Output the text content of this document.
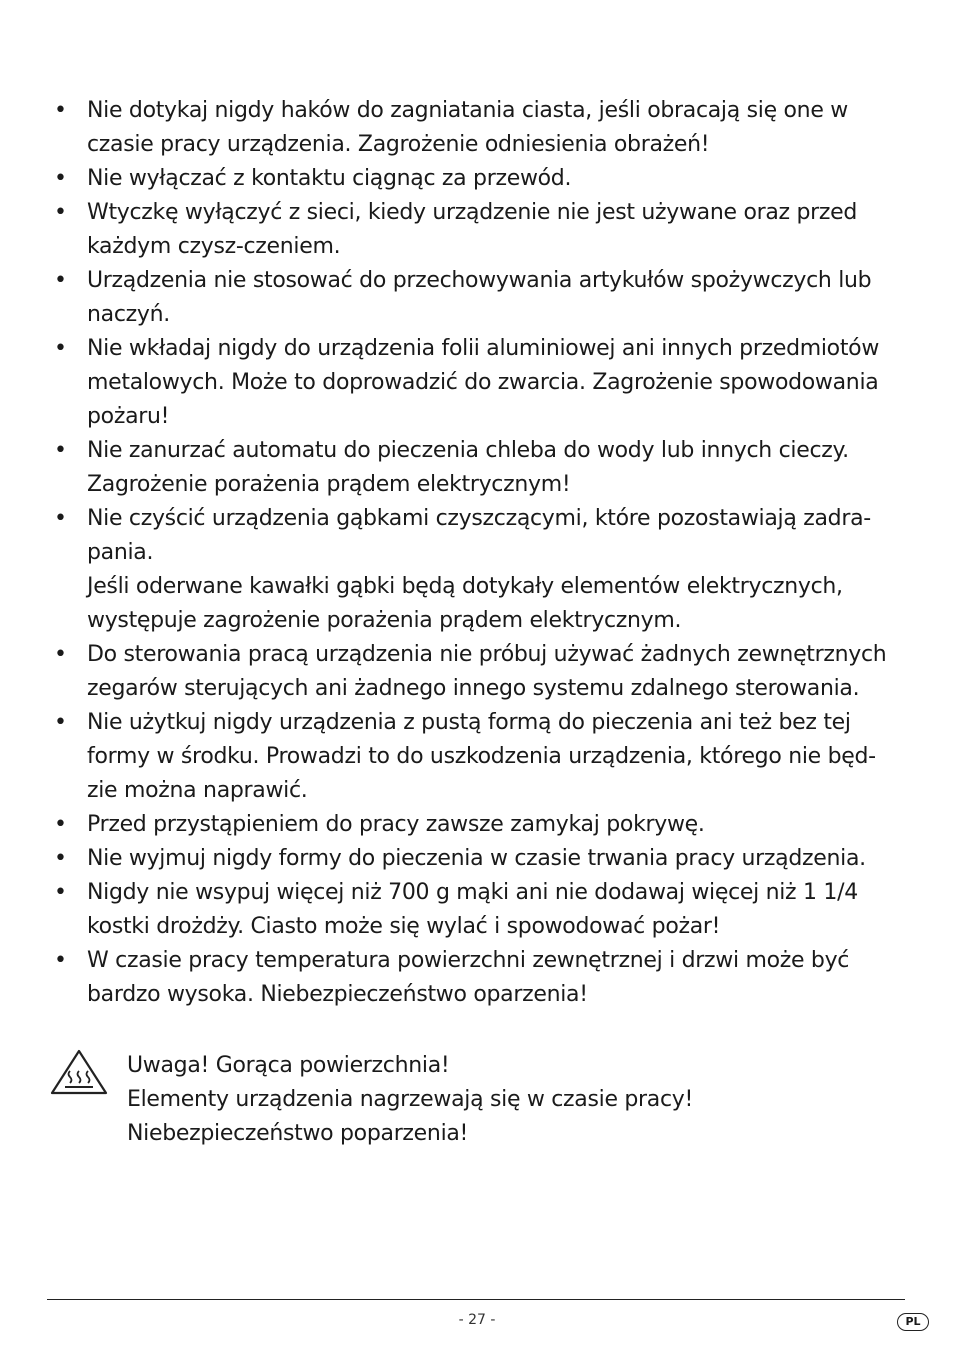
• Nie dotykaj nigdy haków do zagniatania ciasta, jeśli obracają się one w
czasie pracy urządzenia. Zagrożenie odniesienia obrażeń!
• Nie wyłączać z kontaktu ciągnąc za przewód.
• Wtyczkę wyłączyć z sieci, kiedy urządzenie nie jest używane oraz przed
każdym czysz-czeniem.
• Urządzenia nie stosować do przechowywania artykułów spożywczych lub
naczyń.
• Nie wkładaj nigdy do urządzenia folii aluminiowej ani innych przedmiotów
metalowych. Może to doprowadzić do zwarcia. Zagrożenie spowodowania
pożaru!
• Nie zanurzać automatu do pieczenia chleba do wody lub innych cieczy.
Zagrożenie porażenia prądem elektrycznym!
• Nie czyścić urządzenia gąbkami czyszczącymi, które pozostawiają zadra-
pania.
Jeśli oderwane kawałki gąbki będą dotykały elementów elektrycznych,
występuje zagrożenie porażenia prądem elektrycznym.
• Do sterowania pracą urządzenia nie próbuj używać żadnych zewnętrznych
zegarów sterujących ani żadnego innego systemu zdalnego sterowania.
• Nie użytkuj nigdy urządzenia z pustą formą do pieczenia ani też bez tej
formy w środku. Prowadzi to do uszkodzenia urządzenia, którego nie będ-
zie można naprawić.
• Przed przystąpieniem do pracy zawsze zamykaj pokrywę.
• Nie wyjmuj nigdy formy do pieczenia w czasie trwania pracy urządzenia.
• Nigdy nie wsypuj więcej niż 700 g mąki ani nie dodawaj więcej niż 1 1/4
kostki drożdży. Ciasto może się wylać i spowodować pożar!
• W czasie pracy temperatura powierzchni zewnętrznej i drzwi może być
bardzo wysoka. Niebezpieczeństwo oparzenia!
Uwaga! Gorąca powierzchnia!
Elementy urządzenia nagrzewają się w czasie pracy!
Niebezpieczeństwo poparzenia!
- 27 -	PL
